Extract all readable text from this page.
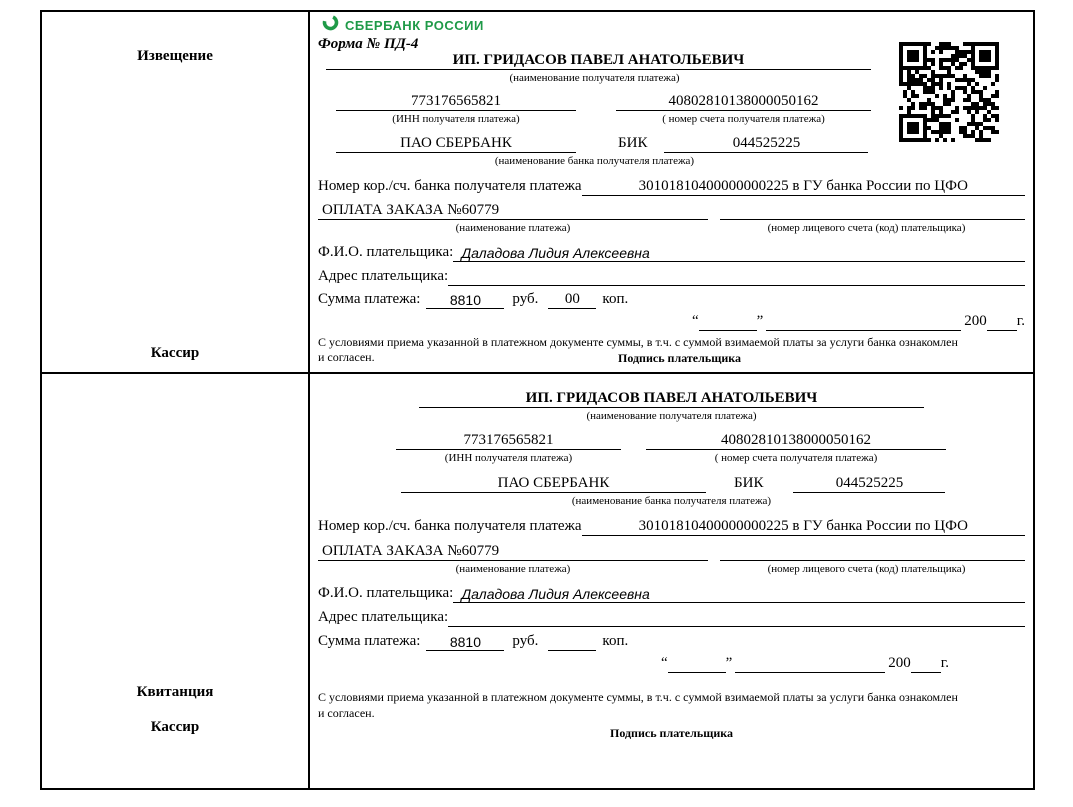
Извещение
Кассир
СБЕРБАНК РОССИИ
Форма № ПД-4
ИП. ГРИДАСОВ ПАВЕЛ АНАТОЛЬЕВИЧ
(наименование получателя платежа)
773176565821	40802810138000050162
(ИНН получателя платежа)	( номер счета получателя платежа)
ПАО СБЕРБАНК	БИК	044525225
(наименование банка получателя платежа)
Номер кор./сч. банка получателя платежа	30101810400000000225 в ГУ банка России по ЦФО
ОПЛАТА ЗАКАЗА №60779
(наименование платежа)	(номер лицевого счета (код) плательщика)
Ф.И.О. плательщика: Даладова Лидия Алексеевна
Адрес плательщика:
Сумма платежа: 8810 руб. 00 коп.
“	”	200 г.
С условиями приема указанной в платежном документе суммы, в т.ч. с суммой взимаемой платы за услуги банка ознакомлен и согласен.	Подпись плательщика
Квитанция
Кассир
ИП. ГРИДАСОВ ПАВЕЛ АНАТОЛЬЕВИЧ
(наименование получателя платежа)
773176565821	40802810138000050162
(ИНН получателя платежа)	( номер счета получателя платежа)
ПАО СБЕРБАНК	БИК	044525225
(наименование банка получателя платежа)
Номер кор./сч. банка получателя платежа	30101810400000000225 в ГУ банка России по ЦФО
ОПЛАТА ЗАКАЗА №60779
(наименование платежа)	(номер лицевого счета (код) плательщика)
Ф.И.О. плательщика: Даладова Лидия Алексеевна
Адрес плательщика:
Сумма платежа: 8810 руб.	коп.
“	”	200 г.
С условиями приема указанной в платежном документе суммы, в т.ч. с суммой взимаемой платы за услуги банка ознакомлен и согласен.
Подпись плательщика
